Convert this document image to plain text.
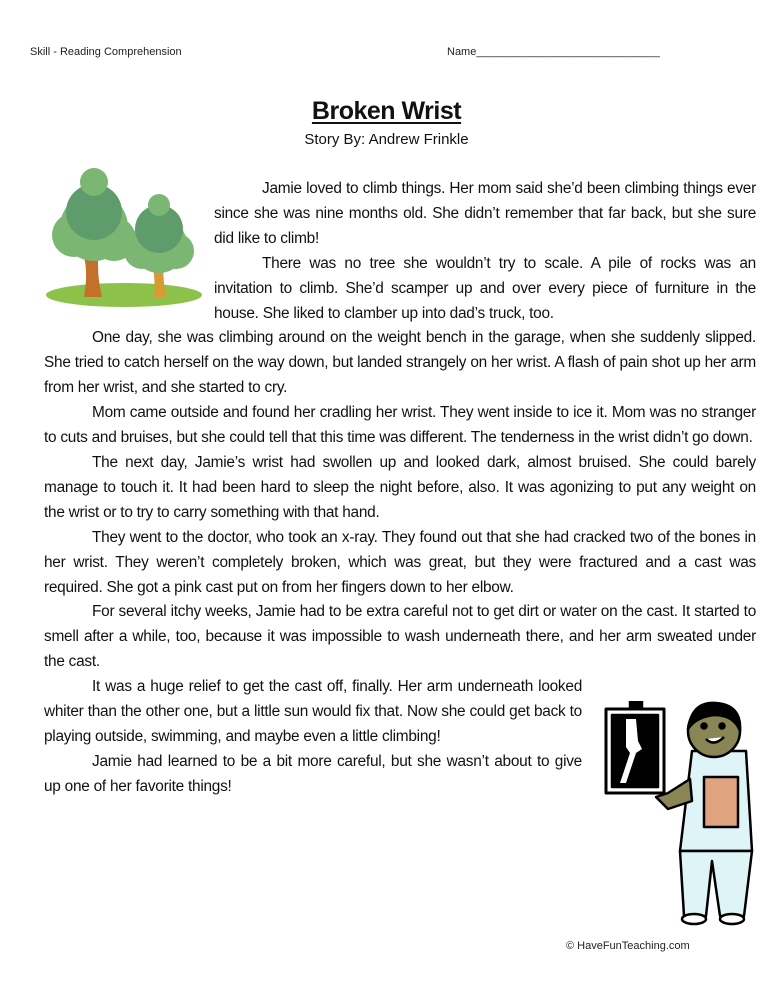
Skill - Reading Comprehension	Name______________________________
Broken Wrist
Story By: Andrew Frinkle

Jamie loved to climb things. Her mom said she’d been climbing things ever since she was nine months old. She didn’t remember that far back, but she sure did like to climb!

There was no tree she wouldn’t try to scale. A pile of rocks was an invitation to climb. She’d scamper up and over every piece of furniture in the house. She liked to clamber up into dad’s truck, too.

One day, she was climbing around on the weight bench in the garage, when she suddenly slipped. She tried to catch herself on the way down, but landed strangely on her wrist. A flash of pain shot up her arm from her wrist, and she started to cry.

Mom came outside and found her cradling her wrist. They went inside to ice it. Mom was no stranger to cuts and bruises, but she could tell that this time was different. The tenderness in the wrist didn’t go down.

The next day, Jamie’s wrist had swollen up and looked dark, almost bruised. She could barely manage to touch it. It had been hard to sleep the night before, also. It was agonizing to put any weight on the wrist or to try to carry something with that hand.

They went to the doctor, who took an x-ray. They found out that she had cracked two of the bones in her wrist. They weren’t completely broken, which was great, but they were fractured and a cast was required. She got a pink cast put on from her fingers down to her elbow.

For several itchy weeks, Jamie had to be extra careful not to get dirt or water on the cast. It started to smell after a while, too, because it was impossible to wash underneath there, and her arm sweated under the cast.

It was a huge relief to get the cast off, finally. Her arm underneath looked whiter than the other one, but a little sun would fix that. Now she could get back to playing outside, swimming, and maybe even a little climbing!

Jamie had learned to be a bit more careful, but she wasn’t about to give up one of her favorite things!

© HaveFunTeaching.com
